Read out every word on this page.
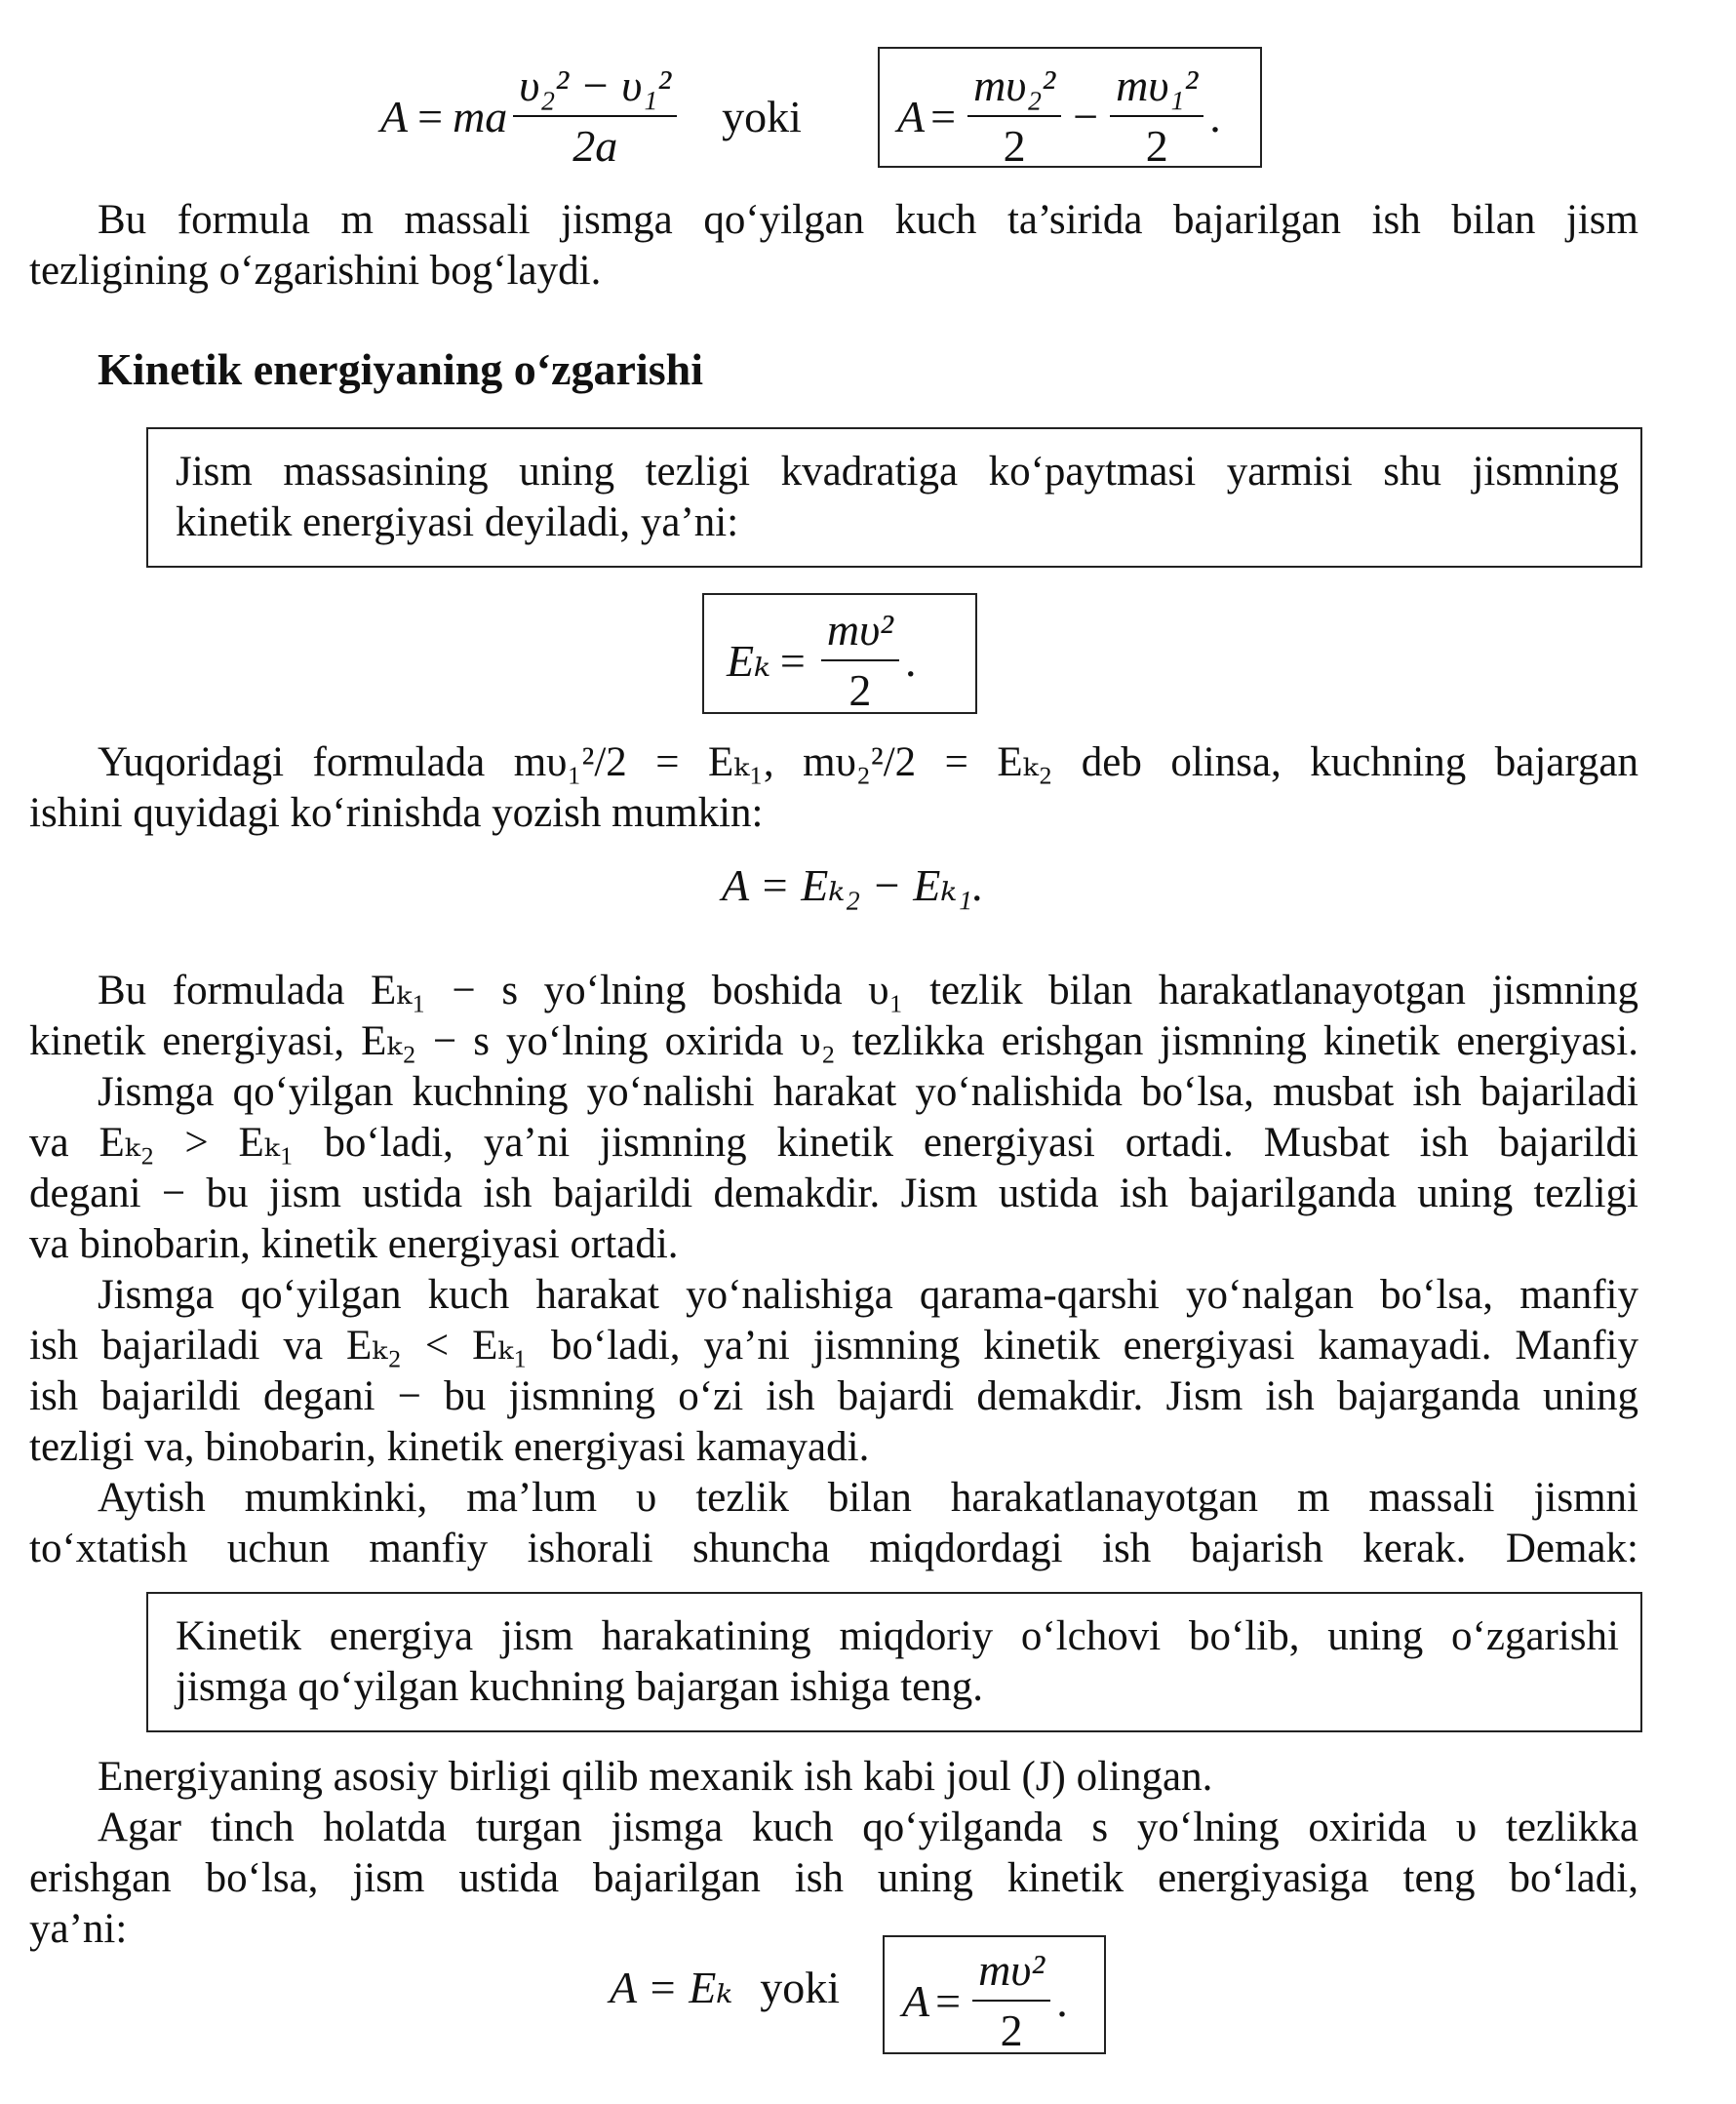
A = ma $\frac{\text{υ₂² − υ₁²}}{2a}$ yoki $A = \frac{\text{mυ₂²}}{2} - \frac{\text{mυ₁²}}{2}$ .
Bu formula m massali jismga qo‘yilgan kuch ta’sirida bajarilgan ish bilan jism
tezligining o‘zgarishini bog‘laydi.
Kinetik energiyaning o‘zgarishi
Jism massasining uning tezligi kvadratiga ko‘paytmasi yarmisi shu jismning
kinetik energiyasi deyiladi, ya’ni:
$E_k = \frac{\text{mυ²}}{2}$ .
Yuqoridagi formulada mυ₁²/2 = Eₖ₁, mυ₂²/2 = Eₖ₂ deb olinsa, kuchning bajargan
ishini quyidagi ko‘rinishda yozish mumkin:
A = Eₖ₂ − Eₖ₁.
Bu formulada Eₖ₁ − s yo‘lning boshida υ₁ tezlik bilan harakatlanayotgan jismning
kinetik energiyasi, Eₖ₂ − s yo‘lning oxirida υ₂ tezlikka erishgan jismning kinetik energiyasi.
Jismga qo‘yilgan kuchning yo‘nalishi harakat yo‘nalishida bo‘lsa, musbat ish bajariladi
va Eₖ₂ > Eₖ₁ bo‘ladi, ya’ni jismning kinetik energiyasi ortadi. Musbat ish bajarildi
degani − bu jism ustida ish bajarildi demakdir. Jism ustida ish bajarilganda uning tezligi
va binobarin, kinetik energiyasi ortadi.
Jismga qo‘yilgan kuch harakat yo‘nalishiga qarama-qarshi yo‘nalgan bo‘lsa, manfiy
ish bajariladi va Eₖ₂ < Eₖ₁ bo‘ladi, ya’ni jismning kinetik energiyasi kamayadi. Manfiy
ish bajarildi degani − bu jismning o‘zi ish bajardi demakdir. Jism ish bajarganda uning
tezligi va, binobarin, kinetik energiyasi kamayadi.
Aytish mumkinki, ma’lum υ tezlik bilan harakatlanayotgan m massali jismni
to‘xtatish uchun manfiy ishorali shuncha miqdordagi ish bajarish kerak. Demak:
Kinetik energiya jism harakatining miqdoriy o‘lchovi bo‘lib, uning o‘zgarishi
jismga qo‘yilgan kuchning bajargan ishiga teng.
Energiyaning asosiy birligi qilib mexanik ish kabi joul (J) olingan.
Agar tinch holatda turgan jismga kuch qo‘yilganda s yo‘lning oxirida υ tezlikka
erishgan bo‘lsa, jism ustida bajarilgan ish uning kinetik energiyasiga teng bo‘ladi,
ya’ni:
A = Eₖ yoki $A = \frac{\text{mυ²}}{2}$ .
